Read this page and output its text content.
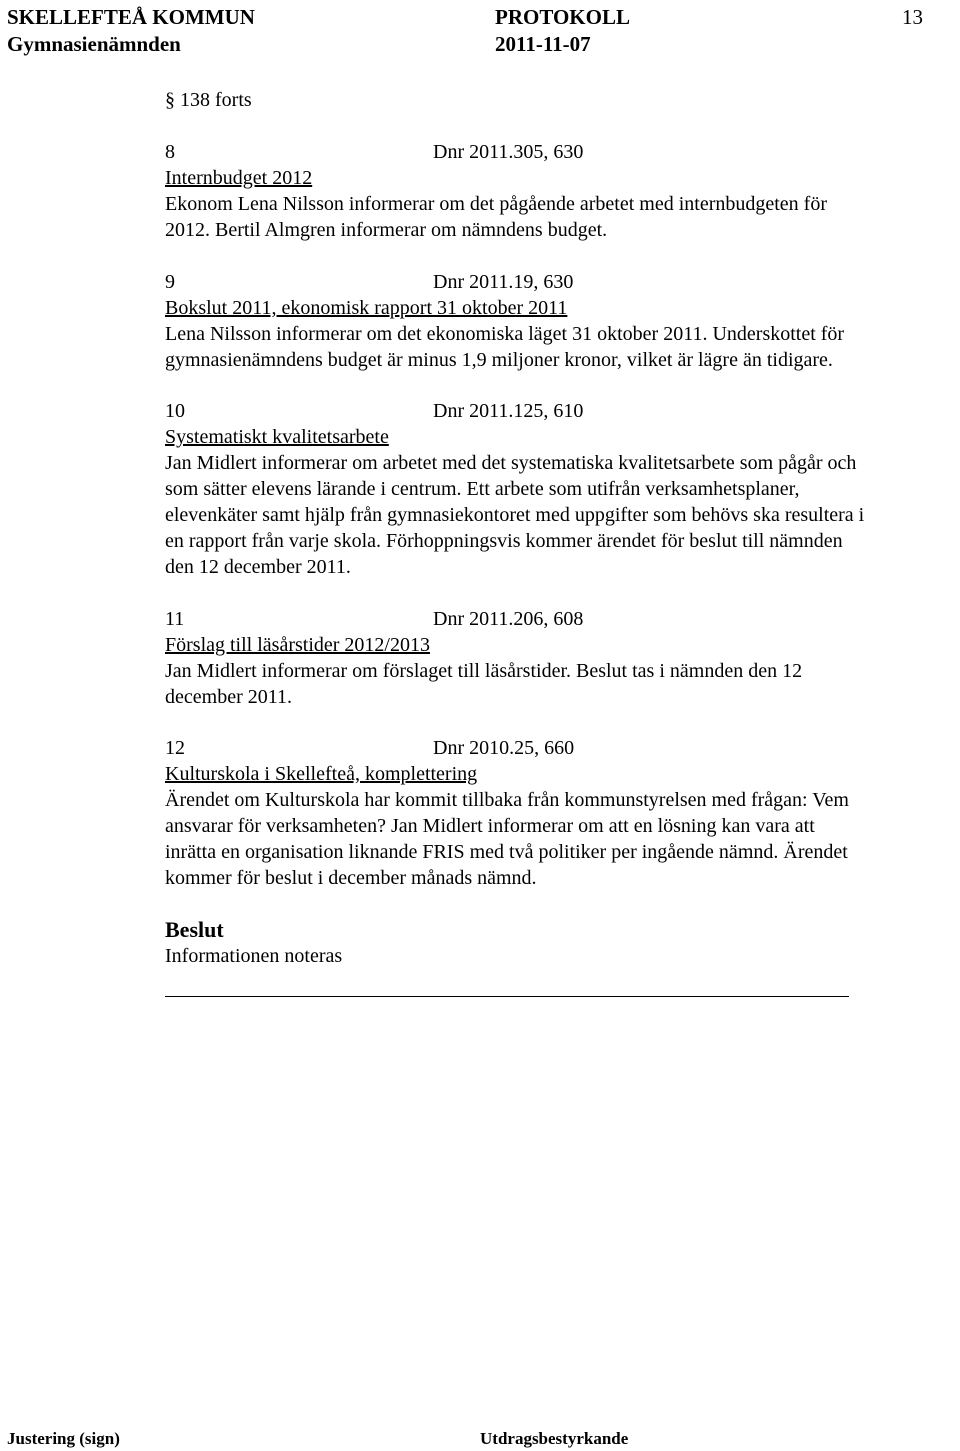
SKELLEFTEÅ KOMMUN
Gymnasienämnden
PROTOKOLL
2011-11-07
13
§ 138 forts
8	Dnr 2011.305, 630
Internbudget 2012
Ekonom Lena Nilsson informerar om det pågående arbetet med internbudgeten för
2012. Bertil Almgren informerar om nämndens budget.
9	Dnr 2011.19, 630
Bokslut 2011, ekonomisk rapport 31 oktober 2011
Lena Nilsson informerar om det ekonomiska läget 31 oktober 2011. Underskottet för
gymnasienämndens budget är minus 1,9 miljoner kronor, vilket är lägre än tidigare.
10	Dnr 2011.125, 610
Systematiskt kvalitetsarbete
Jan Midlert informerar om arbetet med det systematiska kvalitetsarbete som pågår och
som sätter elevens lärande i centrum. Ett arbete som utifrån verksamhetsplaner,
elevenkäter samt hjälp från gymnasiekontoret med uppgifter som behövs ska resultera i
en rapport från varje skola. Förhoppningsvis kommer ärendet för beslut till nämnden
den 12 december 2011.
11	Dnr 2011.206, 608
Förslag till läsårstider 2012/2013
Jan Midlert informerar om förslaget till läsårstider. Beslut tas i nämnden den 12
december 2011.
12	Dnr 2010.25, 660
Kulturskola i Skellefteå, komplettering
Ärendet om Kulturskola har kommit tillbaka från kommunstyrelsen med frågan: Vem
ansvarar för verksamheten? Jan Midlert informerar om att en lösning kan vara att
inrätta en organisation liknande FRIS med två politiker per ingående nämnd. Ärendet
kommer för beslut i december månads nämnd.
Beslut
Informationen noteras
Justering (sign)	Utdragsbestyrkande
